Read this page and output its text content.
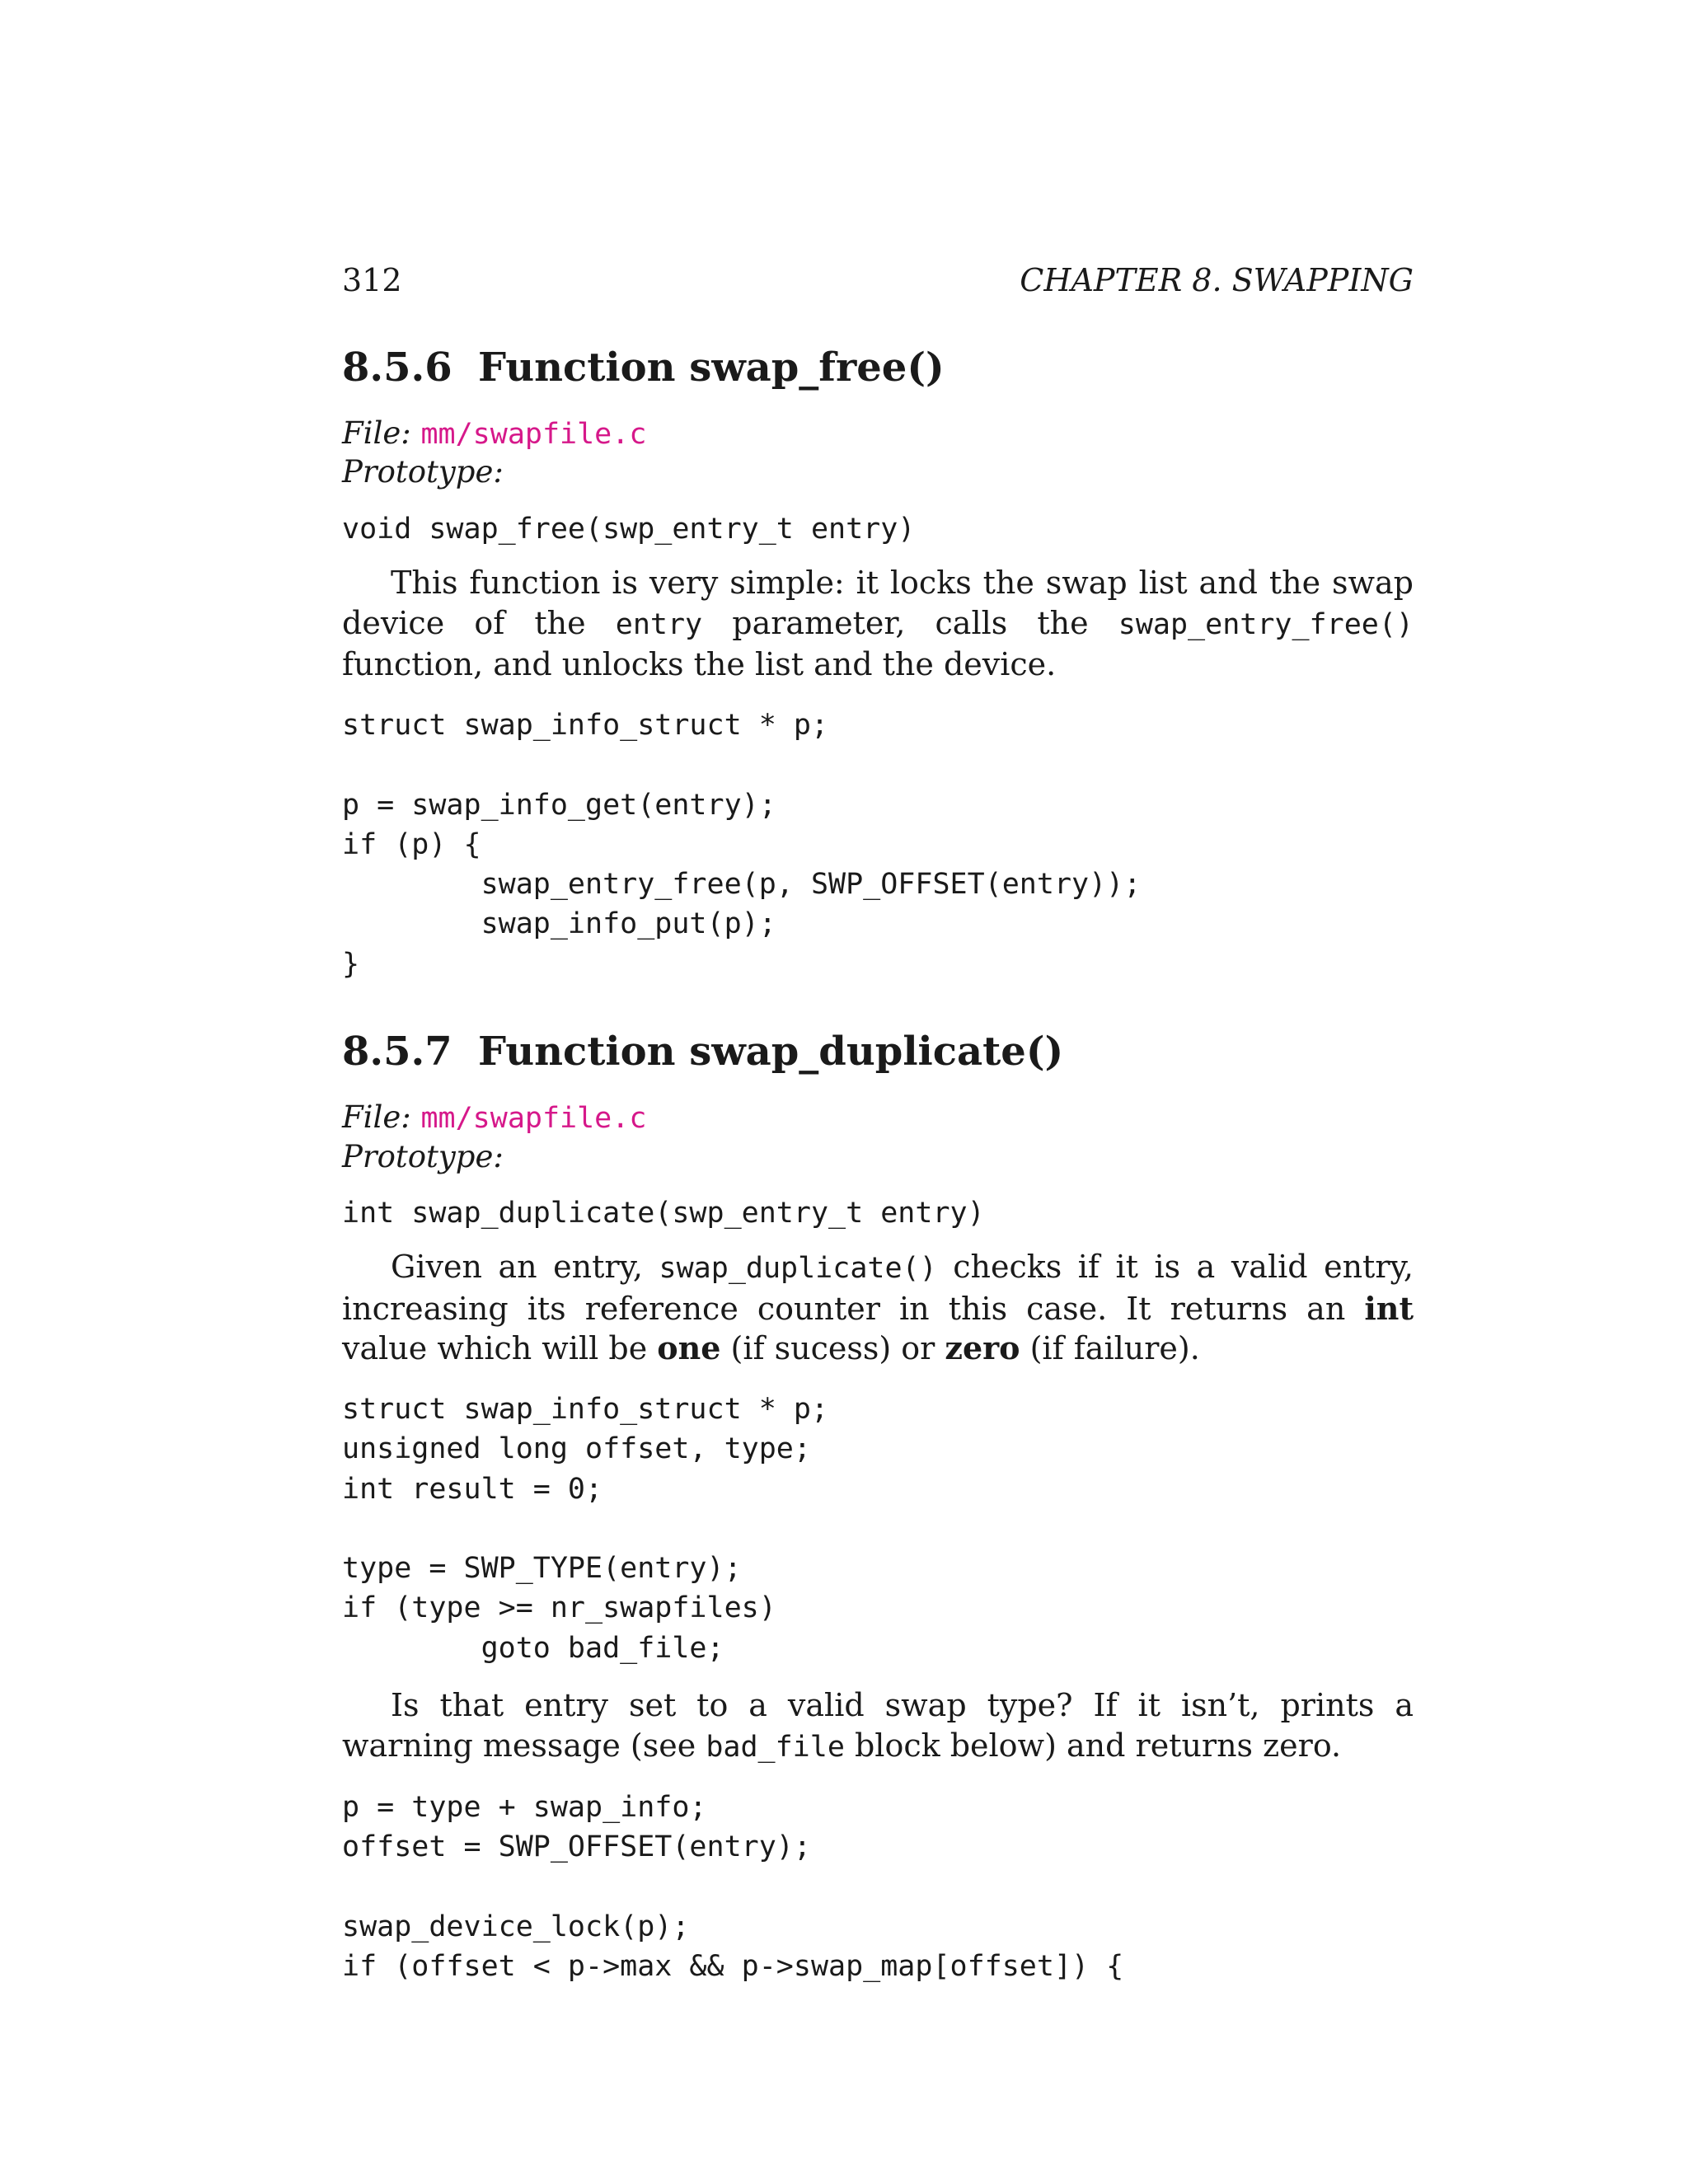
312	CHAPTER 8. SWAPPING
8.5.6 Function swap_free()
File: mm/swapfile.c
Prototype:
void swap_free(swp_entry_t entry)
This function is very simple: it locks the swap list and the swap device of the entry parameter, calls the swap_entry_free() function, and unlocks the list and the device.
struct swap_info_struct * p;

p = swap_info_get(entry);
if (p) {
swap_entry_free(p, SWP_OFFSET(entry));
swap_info_put(p);
}
8.5.7 Function swap_duplicate()
File: mm/swapfile.c
Prototype:
int swap_duplicate(swp_entry_t entry)
Given an entry, swap_duplicate() checks if it is a valid entry, increasing its reference counter in this case. It returns an int value which will be one (if sucess) or zero (if failure).
struct swap_info_struct * p;
unsigned long offset, type;
int result = 0;

type = SWP_TYPE(entry);
if (type >= nr_swapfiles)
goto bad_file;
Is that entry set to a valid swap type? If it isn’t, prints a warning message (see bad_file block below) and returns zero.
p = type + swap_info;
offset = SWP_OFFSET(entry);

swap_device_lock(p);
if (offset < p->max && p->swap_map[offset]) {
